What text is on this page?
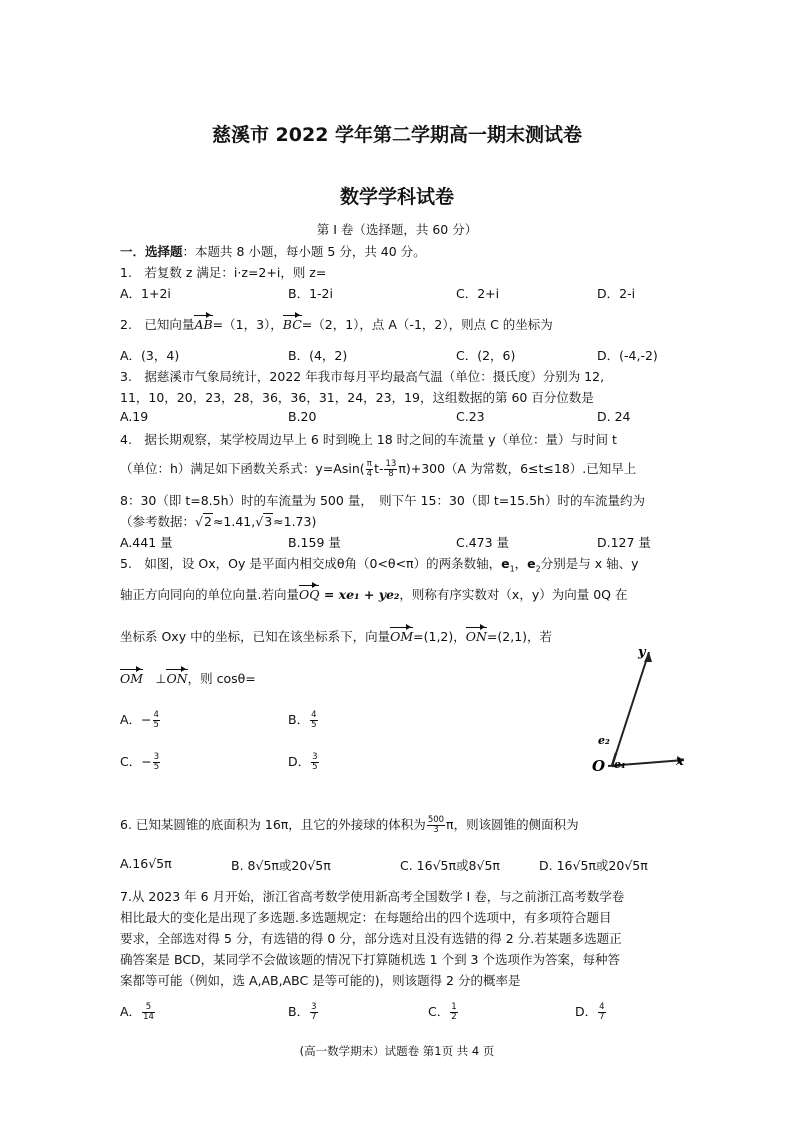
慈溪市 2022 学年第二学期高一期末测试卷
数学学科试卷
第 I 卷（选择题，共 60 分）
一．选择题：本题共 8 小题，每小题 5 分，共 40 分。
1.　若复数 z 满足：i·z=2+i，则 z=
A．1+2i	B．1-2i	C．2+i	D．2-i
2.　已知向量AB=（1，3），BC=（2，1），点 A（-1，2），则点 C 的坐标为
A．(3，4)	B．(4，2)	C．(2，6)	D．(-4,-2)
3.　据慈溪市气象局统计，2022 年我市每月平均最高气温（单位：摄氏度）分别为 12,
11，10，20，23，28，36，36，31，24，23，19，这组数据的第 60 百分位数是
A.19	B.20	C.23	D. 24
4.　据长期观察，某学校周边早上 6 时到晚上 18 时之间的车流量 y（单位：量）与时间 t
（单位：h）满足如下函数关系式：$y=Asin( \frac{\pi}{4} t- \frac{13}{8} \pi)+300(A$ 为常数，6≤t≤18）.已知早上
8：30（即 t=8.5h）时的车流量为 500 量，　则下午 15：30（即 t=15.5h）时的车流量约为
（参考数据：√2≈1.41,√3≈1.73)
A.441 量	B.159 量	C.473 量	D.127 量
5.　如图，设 Ox，Oy 是平面内相交成θ角（0<θ<π）的两条数轴，$e_1$，$e_2$分别是与 x 轴、y
轴正方向同向的单位向量.若向量OQ = xe₁ + ye₂，则称有序实数对（x，y）为向量 0Q 在
坐标系 Oxy 中的坐标，已知在该坐标系下，向量OM=(1,2)，ON=(2,1)，若
OM　⊥ON，则 cosθ=
A．− $\frac{4}{5}$	B． $\frac{4}{5}$
C．− $\frac{3}{5}$	D． $\frac{3}{5}$
y
x
O e₁
e₂
6. 已知某圆锥的底面积为 16π，且它的外接球的体积为 $\frac{500}{3}$ π，则该圆锥的侧面积为
A.16√5π	B. 8√5π或20√5π	C. 16√5π或8√5π	D. 16√5π或20√5π
7.从 2023 年 6 月开始，浙江省高考数学使用新高考全国数学 I 卷，与之前浙江高考数学卷
相比最大的变化是出现了多选题.多选题规定：在每题给出的四个选项中，有多项符合题目
要求，全部选对得 5 分，有选错的得 0 分，部分选对且没有选错的得 2 分.若某题多选题正
确答案是 BCD，某同学不会做该题的情况下打算随机选 1 个到 3 个选项作为答案，每种答
案都等可能（例如，选 A,AB,ABC 是等可能的)，则该题得 2 分的概率是
A． $\frac{5}{14}$	B． $\frac{3}{7}$	C． $\frac{1}{2}$	D． $\frac{4}{7}$
(高一数学期末）试题卷 第1页 共 4 页
